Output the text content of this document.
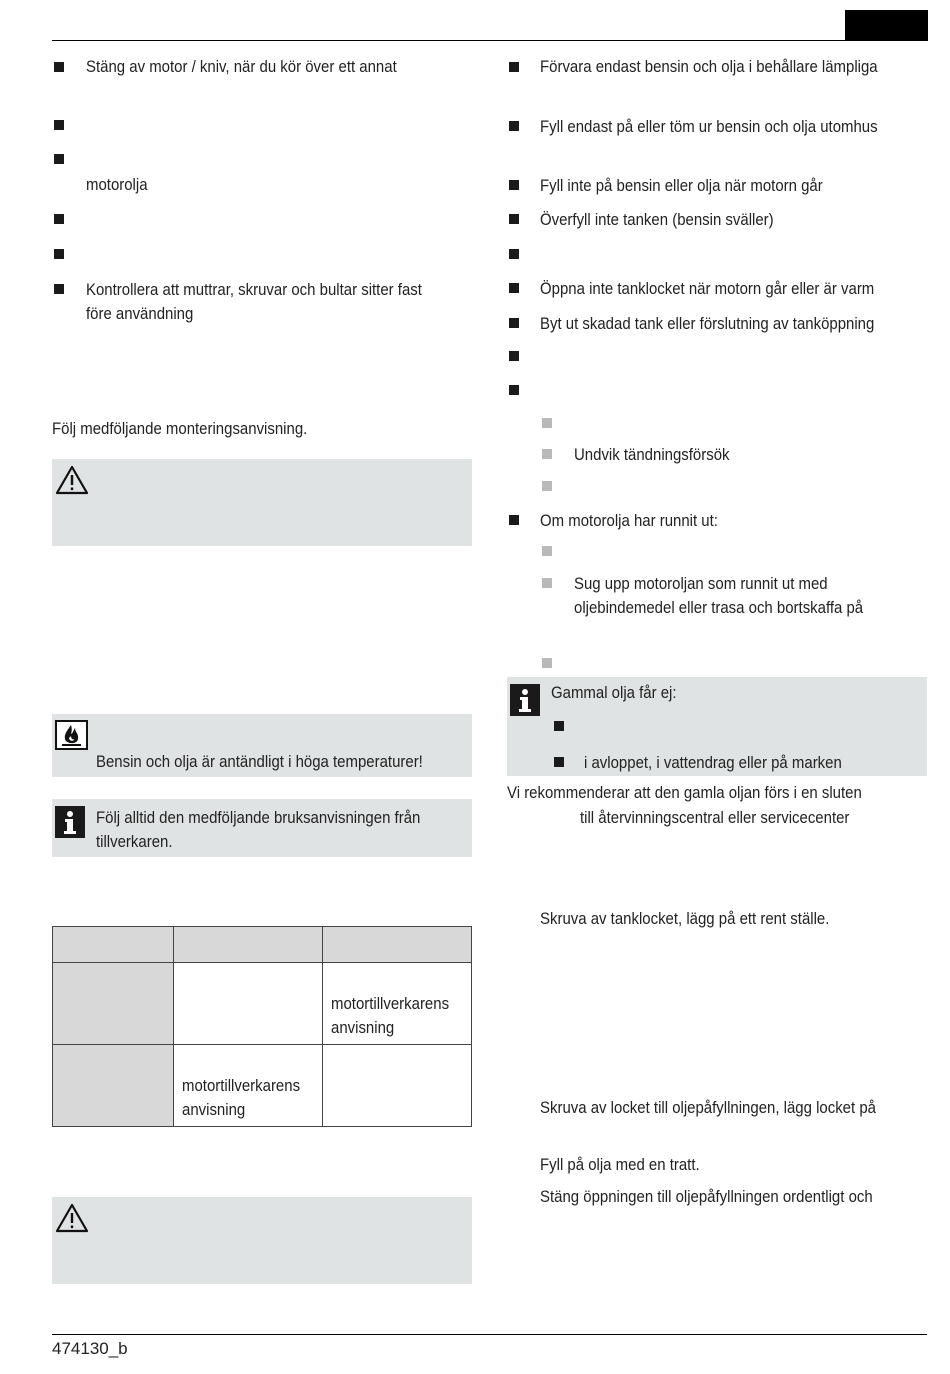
474130_b
Stäng av motor / kniv, när du kör över ett annat
motorolja
Kontrollera att muttrar, skruvar och bultar sitter fast
före användning
Följ medföljande monteringsanvisning.
Bensin och olja är antändligt i höga temperaturer!
Följ alltid den medföljande bruksanvisningen från
tillverkaren.

		motortillverkarens anvisning
	motortillverkarens anvisning	
Förvara endast bensin och olja i behållare lämpliga
Fyll endast på eller töm ur bensin och olja utomhus
Fyll inte på bensin eller olja när motorn går
Överfyll inte tanken (bensin sväller)
Öppna inte tanklocket när motorn går eller är varm
Byt ut skadad tank eller förslutning av tanköppning
Undvik tändningsförsök
Om motorolja har runnit ut:
Sug upp motoroljan som runnit ut med
oljebindemedel eller trasa och bortskaffa på
Gammal olja får ej:
i avloppet, i vattendrag eller på marken
Vi rekommenderar att den gamla oljan förs i en sluten
till återvinningscentral eller servicecenter
Skruva av tanklocket, lägg på ett rent ställe.
Skruva av locket till oljepåfyllningen, lägg locket på
Fyll på olja med en tratt.
Stäng öppningen till oljepåfyllningen ordentligt och
